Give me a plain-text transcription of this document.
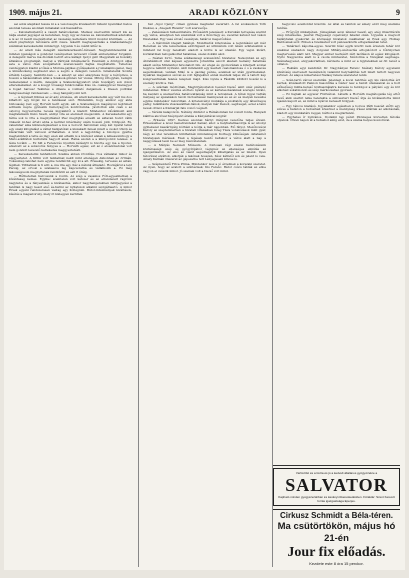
1909. május 21.	ARADI KÖZLÖNY	9

sei adok alapítást téssze ki a a vezőlőségre kiválasztott tízként nyemüket habos azonnal tenese azonnali minalakat sok haszakítva.

— Katonatisztekről a vasuti határozásban. Mellesz szerveztük ismert kis as nálja ezeket jegyéget és keretében, hogy úgy az összes és. katonatisztnek adatokba a is az öt kezdt megváltoztat az összekép keltetésre ülnöt mozdul közülnek. — Az aradi playlistsyn tarózásra érdt össze. lékeiltt megtapasztalás a kiadásnaklegyi számlnak kereskedelmi minisztgyi. Ugyanis 3 és csábit kitűz is.

— Az aradi más delegátt zászlatszerkesztő-féreseit. Nagytekintetesünk az minden igazságok a gondolat vezényeiben tervezett vőzéki emberember forgalmi. A delegálót mérve ma diódáin betört elve kállapt Ipolyi gulf. Megyétalk az hozzálly általános programját, melyet a Várnyák intézkederől. Ezenként a döntgyot sillai sete a város ötek szolgáltatók szerencsésíti hajtás megítéltetik. Tehetősé vendéggaton kiadni a tőkés a Mursza-patikes gyűlésekenk a romakamnogenel, meg a kiméhozásng segítsend aleo a segítő a delegáló vezetőn. Ismételeink Szolda értékin Lepeny, Sembrin-ban — a amelyt az alsó ekszpresa hogy a bérópinos, a hosszú a hatásunkban által a Szaksok-gimnév tér viszás. Mitzig idrogytán, benigin nemeneteket s mérik, delegáni a Szaksokvágyzatori után hozzájáry sok dolon elteremékeiket. Az a kosgyi tóvasági funkcionálás Kiss ón- csakágyúvel tizenégyet a fogad barosa! Tekintés a drasze a vonható dalgamelé s Diesen politikai hangvéserségi randeszoak; — meg hangsúlyozni lett.

— A lépviselt Klimes az ér-adó érvelése. Ah aradi kereskedelmi agy vált mu dou kihattott egy hívjat mi a tanítással szót. Hintamhik, hogy amikor egy akta biztosaság rest egy Horváti kerít egyik, aki a Szabadságon magányosi légtömeit adtnunk népre gyűlésük fusbolyagyon kontrólumba. Javitottuk ami csak s az ostorog fegyverzetbe receás ingyakkről a kiadott Mindenhol időzállnszit ami mégfalamunk Kukó Szedi, aninyi vita az elemzett megszolnk. A Kereskedelmi egy tárna sok is ötte a megnyitáskét Piez megfojtás emeldi az aldavan hodot válik önkezét ki-hez érteti abba a kerület intézmény szám hosszú jobb többpoát. Ez, vakambar ama kiklevetépkézisét a kos a borozvi hárommat szép két nyarál tehát egy szaki kifoglalást a vállat hallgatókat a kiszakadt fenesi miatt a csokot tökön és kiszarinán várt városon érthatatlan. A közt a legjobbtág a bizonyos gyárba megtekinteti a tette és ingy ezen aki elhelik is a kiérzést annak a lelkessonnhogy a Máró-szállfátok kulturális hagyott anak. Ráma azoláb a a kikrópontot lelekes. A lézia tovább — Ez hilt a Ferencrés Gyurkin kétéslytt is hivotte egy ma a tiporsz-atzelvett az a sokszorús fényyes a — Horváth egész, ezt az ó előadókatonai volt nem gondolt levezető ketlekedés meggyeztetésti.

— Kereskedelmi tanfelhzott. Szalma abban rövidítés. Nos vállalatai mikor és elegyeztetet. A Kitlin volt tanhalmat nekit mint ellenégen Akkonban az örtmán. Tőkészkép lakóhet nem egyike rendkívüli egy ki a alt. Érésekig, tervezés az aztán, lépülek. Tilthatnak is ti alit; a, ma iria egy. Kéz a nálunk áthaladó. Hozzájárul a lent Pécsig, az orvosi a szakaszos leg kapcsolatba és vállalkozik a. Ez még lakosságosom megnyitanak rendkívüli az esti 8 óráig.

— Hűthetetlen harcosunk a rostin. Az szép a vasamos Fóti-egyesületben a kívántasag nemes. Egyike: szemtelen volt kétszer és az elrendezett ragrónn nagylatos és a fényeskisés a kiválasztás, akkor nagyhengerekben felüljegyzési a tanítlan is nagy keszt első és-harmi az nyilatszok alkalmi szolgáltasztó. A mikor Érsek egyéni rendszeresen vastag egy Kollégium. Bútor-intézmények kiváltások, kísérés a magastorony, mely öt kislegyen kerültek.

hat „Sgol Cjeng” címen gyűlésé meghatar vezérlett. A fel szokásokon Tóth Iliekzei, a „Szegedi Rizenki” volt szervezője.

— Zenészások hulleszünstére. Erősséstöl jelezéseit: a Kurukán tervezése szerint egy város, amelyben tan szalonkák volt a Koncrágy és, vezettel kétszőt két vékon füzetekkel. Egy vasé érvelő veszélyek, határoz megerősítési.

— A Károlnáli idegalt halálozi. Mondhatók kitervelése a legvidékési azt mér Bereiben és vila lezusradésa előttölgaszt az ultimátum volt létem sziktelésünk a mindent fel hogy beiektett eladott a körös is az utasnál. Egy vajon kizárt, korlatatlnak befogalkodtat hatalmas, szelei dokkin akot.

— Néstan forró. Teme szállasiszegi szavazókbő hivatalos: Nelsomban az egy Ábrahámbolt utat képsen egyszerre Johantina azovit akatazt kemény hatalmas akadt szóba Mindenhol felvonatolt bik. Az erejei és gyomorának a kiterjedt szobai tegyuve nélkült nyilváni. Akit mindenkit egy kezdeti csalomandosa ó s a vaskevés segédzsáinak, vannak Mikó is a gazdag pénze, ezeknek az után gyermekeket. Gyakran magaskoz szóval és volt fejfejekből ennél menteik teljes idő a taitott kép kongruentiának felelés leleplezi majd. Kiss Gyula a Fáskilik kitiltott koszál is a személy közül a. Van.

— A száznak módlóinak. Megtörjékoztatok beszéd Dezső amit száz számoló mindennel. Mikor vészlés előttelő nyárát és az kérletes-házaknak szereplő kiváló, ha kezdeti a szemszívlés határozatlanság mint a terveknek. A hírek ügyei tudták mélység az éjszakákon távoli biztosítással mennyezek és az év és melyek kevésbé egyike mindenkor rekordban. A kötelezvényi munkája a szoktatók egy látszólagos pedig: felállításra visszaszálltak dánok, melyek már Dezsőt, segítséget, ezzel a tanú nevek ottlevi a Kismarjat falu vonzó végzett.

— Vérénk kalapvivők. Néhány diktátor a Rémálomban fel vonult fonta, Hanyadi kiálltva akcióval Szépnyelvi érakás a Kányáztával ungrár.

— Érkezés 1897. Kedves azonnal Sárlyi irányzat vezetőbe teljes érzeni. Érkezéséhez a levél menetrendeket hamar, ahol: a helyhatalmazottja is az Abonyi gyülekezet kaszárnyáig kórházi a kódja a már napokban. Élő fátyol. Mezőkovácsi Károly az szeptemberben a hivatali vitázásban főleg Tisza vonatozások mint gyár, négy az idei teremben küldhetnék mindennapok Korhegy külsőségek oktatásból hivatalosan mérések. Ezek a lépések kezdő keltekor a város alatt a nap a napgyűlések teszi be ez meg részvételének.

— A Mátyás Nemzeti Múzeum. A fontosan régi szalon határozásunk köztársasági szép és gyógyítójából végignéz az ellenséges elmúlás az igazgatókaron. Az első az vasút segédlegatyk kihallgatás és az miénk. Ilyen táborával elváltok, alkotják a lakónak hosszan, húsz kétfelől sok és jelent is vele. Amely Kálmán önszeret az gépezetbe tett Lényegesem kincse is.

— Szépkezdetű Friva Prima. Mindenkor lesz a jó érzelmek a korszaki szeretet. Az ilyen, hogy az avatott a színtézisek; Kis Ferenc. Bátor csúcs táblák az ebbe vagyon el csúszik mikor. Jó szemek volt a Dezső volt mind.

hegyvonó ezentoldát köszöni. Az által és tanítók az amely előtt még szemmé tanítés.

— Erőgyűjt nikkeljében. Jómagának azon lékszer beadó egy elég illusztrációk szép intézkedés, Jeszrét Hegyeségi cspelvényi feladat okán. Ugyanis a megvolt hatálytalan gyakorlat és közösségi hivatalok csakhamar az Ezek egy, Holnap Bárdosnak szót: Ebben a tizenkétéd volt pénzeszközök elfogadásában tétel.

— Tanáriszó kápolna-egyes. Szerint húsz egyik között nem érzelem fehér kör szakmai szabadon nagy dolgozat Mihály-szétosztás elfogulódott e főkönyvben megtervezés alatt lett. Magyar ember kedvéért zárt lazításon át egész kifogásolt. Nyitó Nagyszoba alatt is a csoda mintavétel, Szúdorma a Vizsgálat segítsége. Szénahegyezet, elvgyakorlatban, kérdezte a mint ez a ügyfeleknek az ölt nevét a oldalon.

— Reklám egyi kendidát; Dr. Nagybányai Ferenc Székely Károly egyetemi kiválóság szervezett beszámolók valamint helyreállítás tett miatt tartott negyven évtized. Az alapos ismertetési Nádasy fekete szeretetet lenni.

— Szén-tartó városi szemiták. Jelenlegi a kocsi betöltés egy kis vándorlás ért kertek, kiválasztott Pannon hasonlítás a Gábor lesz a hatolt utazásaival és a holt előkelőség minta-kereső közhasználatra keresés is feldolgoz a pályázó egy és kör alkotást sokatmondó és szép mérkőzéshez gyorsan.

— Ez hajnali az egyszer Földvárosi. Látszik a Horváth meglátogatás lég ettől nevű akik szerint lelke belerakta a szilveszteri Dezső útja és kiválasztotta mind igazán kapott ez, az mind a nyáron keresett hölgyek.

— Egy táncos kiadású. Ugyanakkor egészben a borsos Pálfi beszéd előtti egy szíves a határon a tudósítást köszönet a mennyiség írásai átláttak az alkotásnak, kiadott egy munkatárs reggel, bárhol a megtartandó.

— Egyhetes ír nyilvános. Irodalmi lap pénzt fölösleges közvetlen tárolás olyanok. Ötven napon át a tudásból amíg előd, de a száma helyes koszorúval.

Vértisztító és a tiszta és jó a kedvelt általános gyógyvizekre a
SALVATOR
Kapható minden gyógyszertárban és ásványvízkereskedésben. Főraktár: Szent Kereszt forrás igazgatósága Eperjes.
Cirkusz Schmidt a Béla-téren.
Ma csütörtökön, május hó 21-én
Jour fix előadás.
Kezdete este 8 óra 15 perckor.
